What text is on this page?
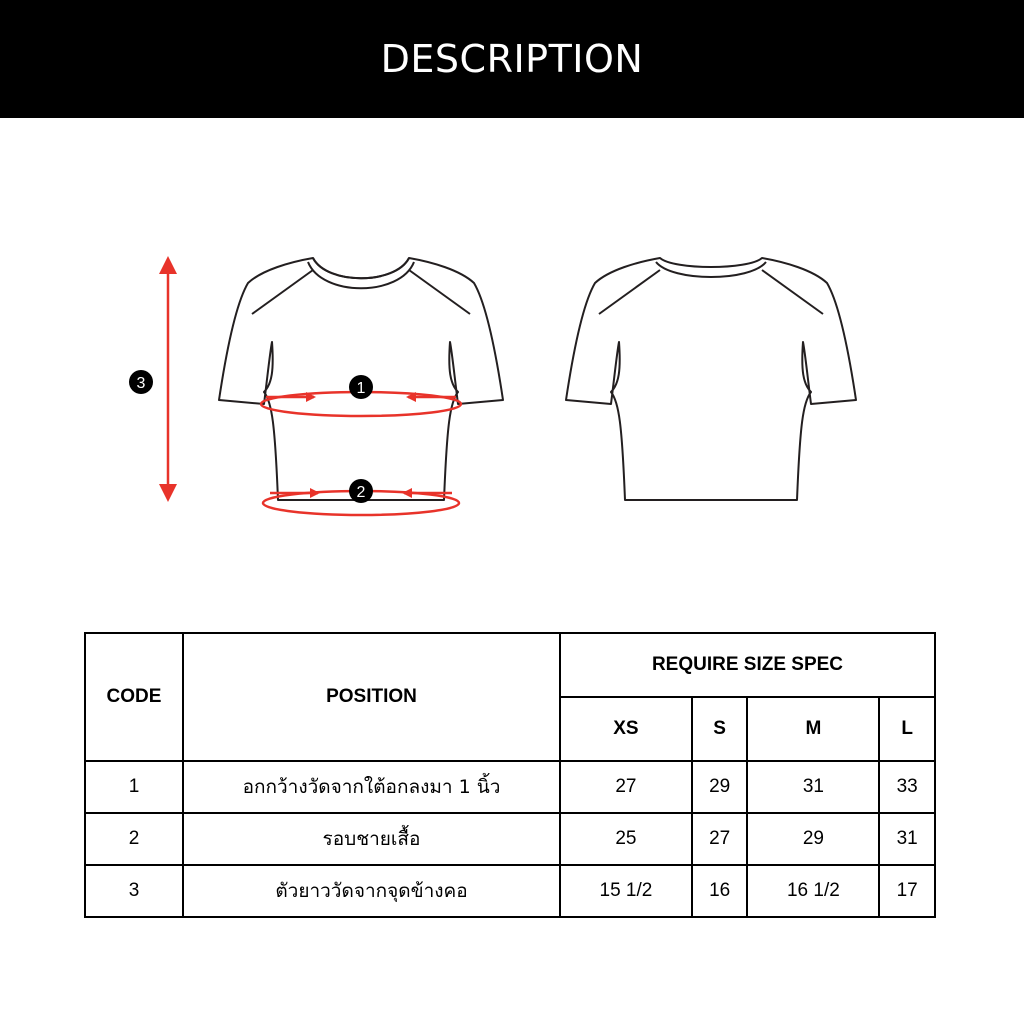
DESCRIPTION
1
2
3
CODE	POSITION	REQUIRE SIZE SPEC			
		XS	S	M	L
1	อกกว้างวัดจากใต้อกลงมา 1 นิ้ว	27	29	31	33
2	รอบชายเสื้อ	25	27	29	31
3	ตัวยาววัดจากจุดข้างคอ	15 1/2	16	16 1/2	17
